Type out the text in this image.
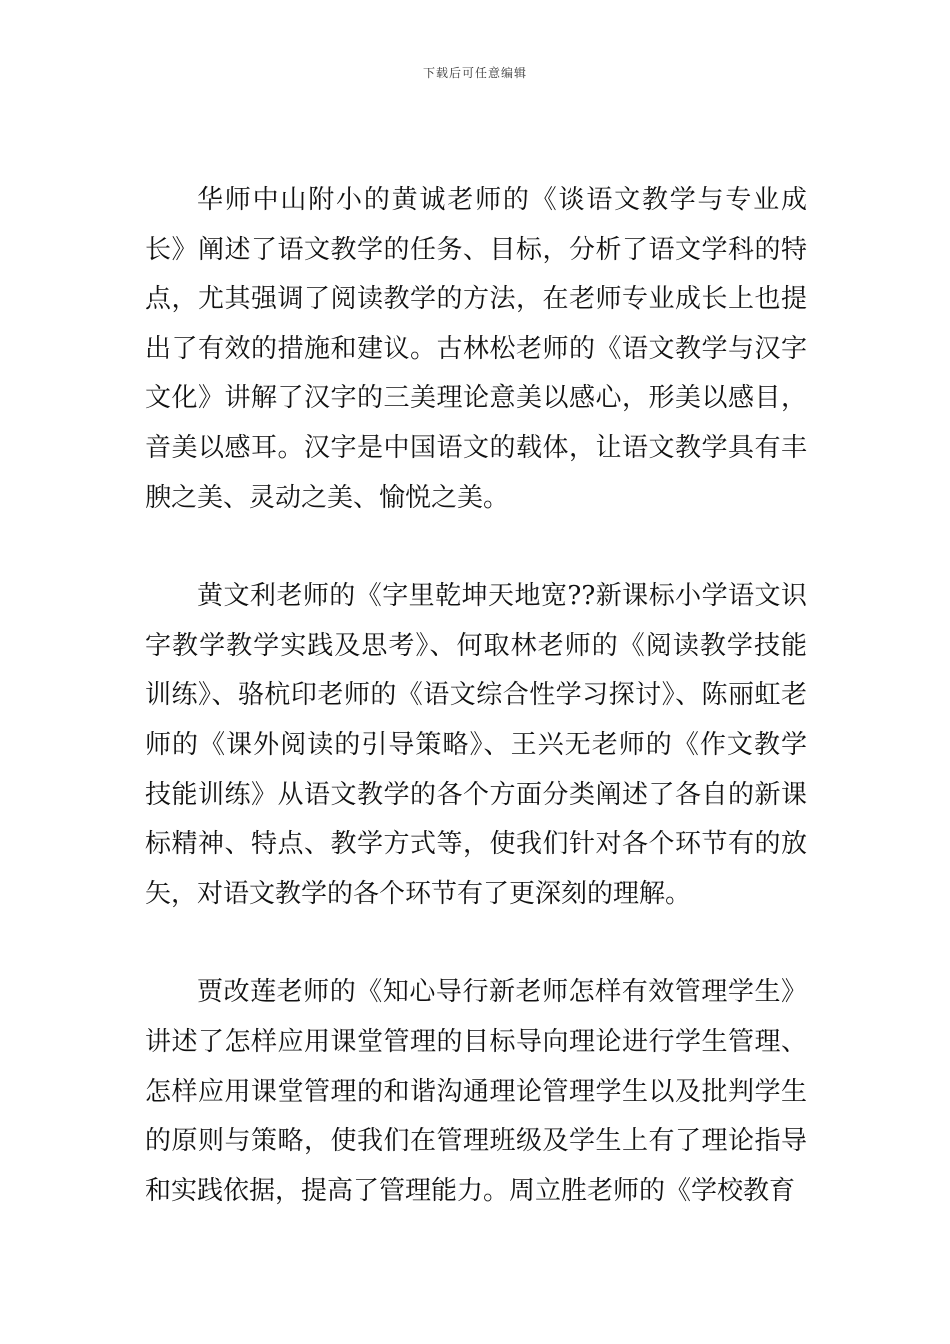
下载后可任意编辑

华师中山附小的黄诚老师的《谈语文教学与专业成长》阐述了语文教学的任务、目标，分析了语文学科的特点，尤其强调了阅读教学的方法，在老师专业成长上也提出了有效的措施和建议。古林松老师的《语文教学与汉字文化》讲解了汉字的三美理论意美以感心，形美以感目，音美以感耳。汉字是中国语文的载体，让语文教学具有丰腴之美、灵动之美、愉悦之美。

黄文利老师的《字里乾坤天地宽??新课标小学语文识字教学教学实践及思考》、何取林老师的《阅读教学技能训练》、骆杭印老师的《语文综合性学习探讨》、陈丽虹老师的《课外阅读的引导策略》、王兴无老师的《作文教学技能训练》从语文教学的各个方面分类阐述了各自的新课标精神、特点、教学方式等，使我们针对各个环节有的放矢，对语文教学的各个环节有了更深刻的理解。

贾改莲老师的《知心导行新老师怎样有效管理学生》讲述了怎样应用课堂管理的目标导向理论进行学生管理、怎样应用课堂管理的和谐沟通理论管理学生以及批判学生的原则与策略，使我们在管理班级及学生上有了理论指导和实践依据，提高了管理能力。周立胜老师的《学校教育
